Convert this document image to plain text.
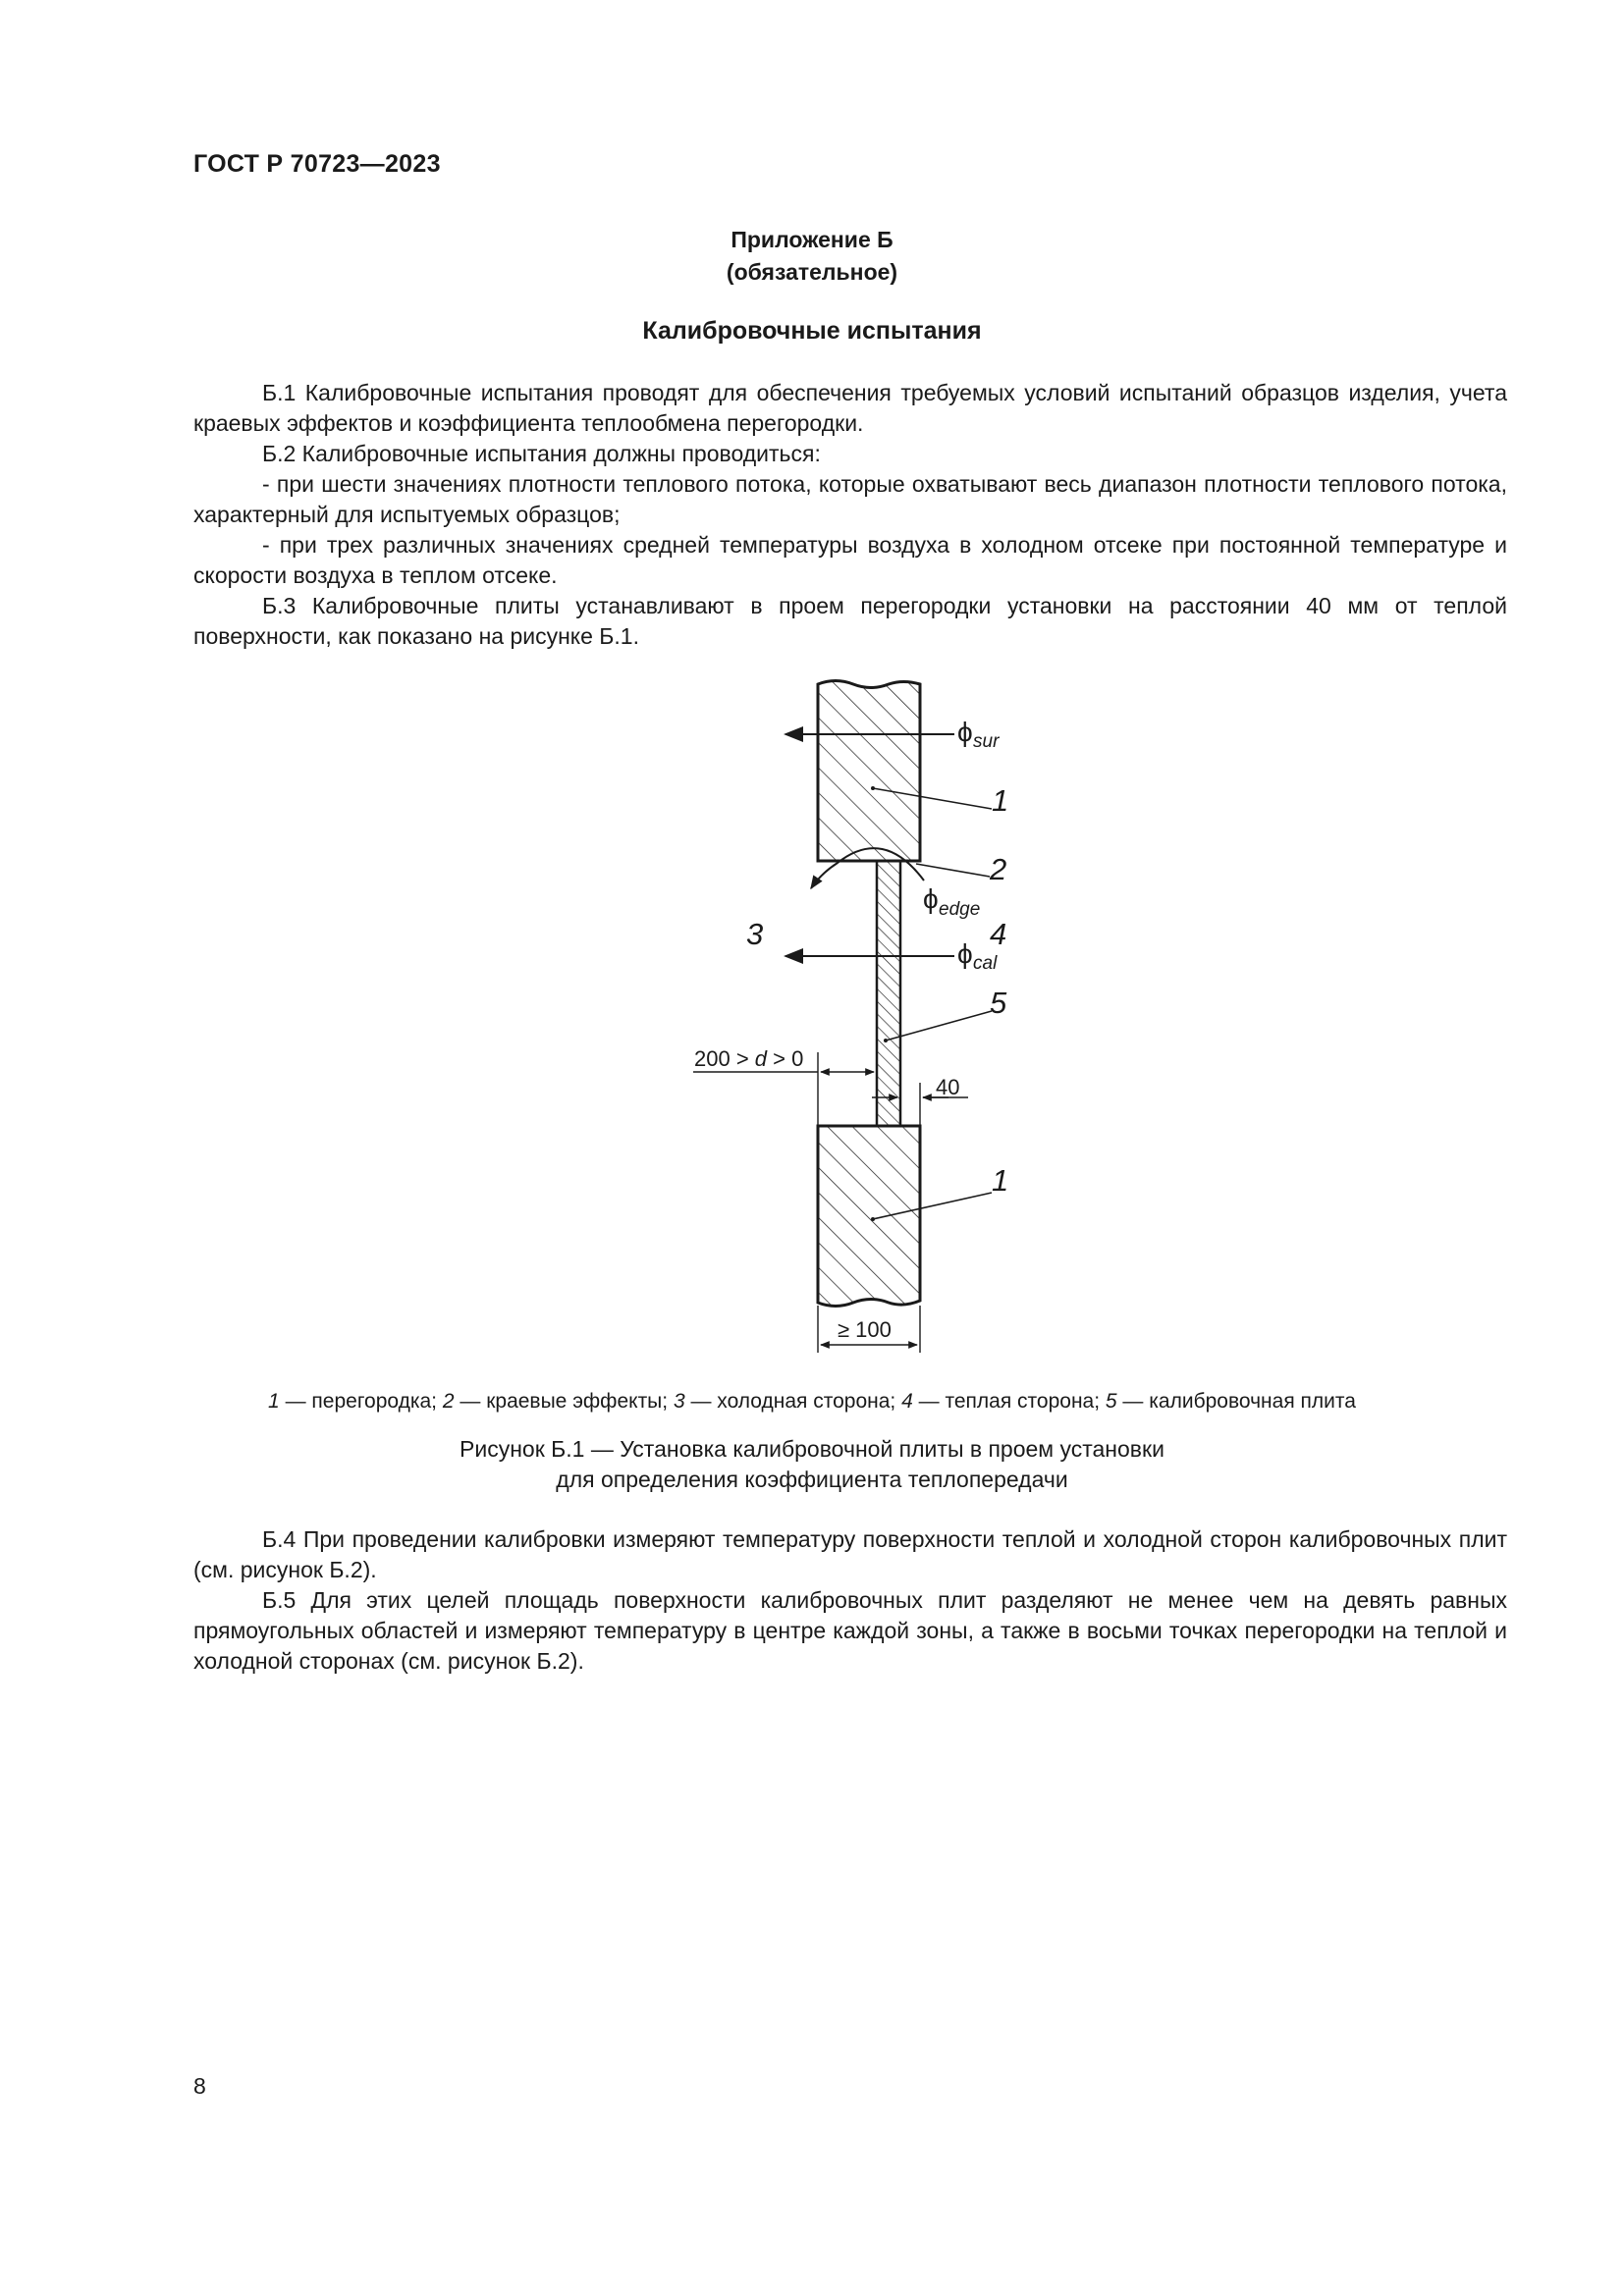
ГОСТ Р 70723—2023
Приложение Б
(обязательное)
Калибровочные испытания

Б.1 Калибровочные испытания проводят для обеспечения требуемых условий испытаний образцов изделия, учета краевых эффектов и коэффициента теплообмена перегородки.

Б.2 Калибровочные испытания должны проводиться:

- при шести значениях плотности теплового потока, которые охватывают весь диапазон плотности теплового потока, характерный для испытуемых образцов;

- при трех различных значениях средней температуры воздуха в холодном отсеке при постоянной температуре и скорости воздуха в теплом отсеке.

Б.3 Калибровочные плиты устанавливают в проем перегородки установки на расстоянии 40 мм от теплой поверхности, как показано на рисунке Б.1.

ϕ sur
1
2
ϕ edge
3	4
ϕ cal
5
200 > d > 0
40
1
≥ 100
1 — перегородка; 2 — краевые эффекты; 3 — холодная сторона; 4 — теплая сторона; 5 — калибровочная плита
Рисунок Б.1 — Установка калибровочной плиты в проем установки
для определения коэффициента теплопередачи

Б.4 При проведении калибровки измеряют температуру поверхности теплой и холодной сторон калибровочных плит (см. рисунок Б.2).

Б.5 Для этих целей площадь поверхности калибровочных плит разделяют не менее чем на девять равных прямоугольных областей и измеряют температуру в центре каждой зоны, а также в восьми точках перегородки на теплой и холодной сторонах (см. рисунок Б.2).

8
